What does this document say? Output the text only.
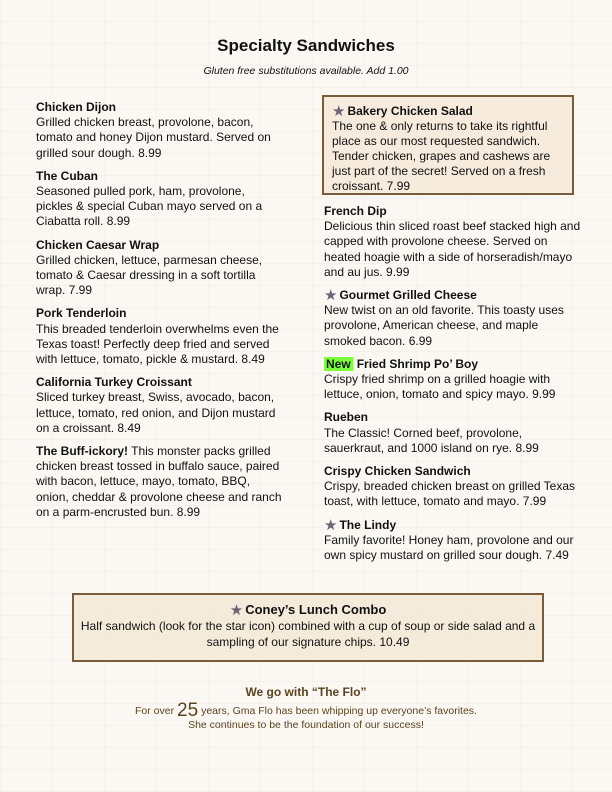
Specialty Sandwiches
Gluten free substitutions available. Add 1.00
Chicken Dijon
Grilled chicken breast, provolone, bacon, tomato and honey Dijon mustard. Served on grilled sour dough. 8.99
The Cuban
Seasoned pulled pork, ham, provolone, pickles & special Cuban mayo served on a Ciabatta roll. 8.99
Chicken Caesar Wrap
Grilled chicken, lettuce, parmesan cheese, tomato & Caesar dressing in a soft tortilla wrap. 7.99
Pork Tenderloin
This breaded tenderloin overwhelms even the Texas toast! Perfectly deep fried and served with lettuce, tomato, pickle & mustard. 8.49
California Turkey Croissant
Sliced turkey breast, Swiss, avocado, bacon, lettuce, tomato, red onion, and Dijon mustard on a croissant. 8.49
The Buff-ickory! This monster packs grilled chicken breast tossed in buffalo sauce, paired with bacon, lettuce, mayo, tomato, BBQ, onion, cheddar & provolone cheese and ranch on a parm-encrusted bun. 8.99
★ Bakery Chicken Salad
The one & only returns to take its rightful place as our most requested sandwich. Tender chicken, grapes and cashews are just part of the secret! Served on a fresh croissant. 7.99
French Dip
Delicious thin sliced roast beef stacked high and capped with provolone cheese. Served on heated hoagie with a side of horseradish/mayo and au jus. 9.99
★ Gourmet Grilled Cheese
New twist on an old favorite. This toasty uses provolone, American cheese, and maple smoked bacon. 6.99
New Fried Shrimp Po’ Boy
Crispy fried shrimp on a grilled hoagie with lettuce, onion, tomato and spicy mayo. 9.99
Rueben
The Classic! Corned beef, provolone, sauerkraut, and 1000 island on rye. 8.99
Crispy Chicken Sandwich
Crispy, breaded chicken breast on grilled Texas toast, with lettuce, tomato and mayo. 7.99
★ The Lindy
Family favorite! Honey ham, provolone and our own spicy mustard on grilled sour dough. 7.49
★ Coney’s Lunch Combo
Half sandwich (look for the star icon) combined with a cup of soup or side salad and a sampling of our signature chips. 10.49
We go with “The Flo”
For over 25 years, Gma Flo has been whipping up everyone’s favorites.
She continues to be the foundation of our success!
